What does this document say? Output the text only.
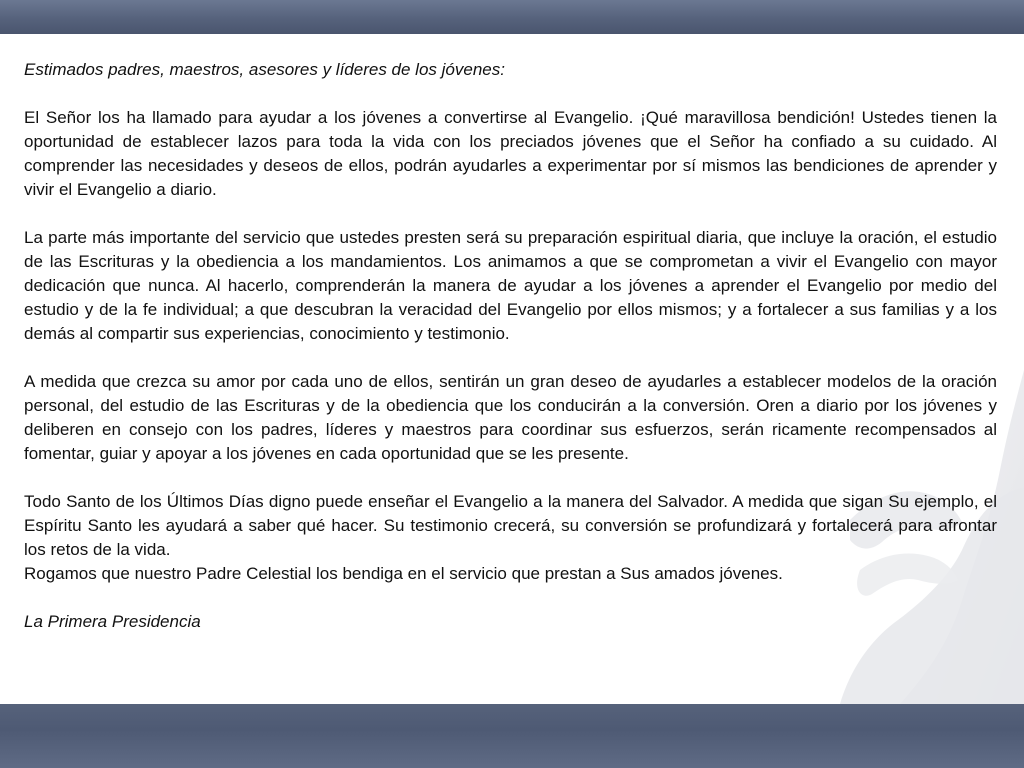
Estimados padres, maestros, asesores y líderes de los jóvenes:

El Señor los ha llamado para ayudar a los jóvenes a convertirse al Evangelio. ¡Qué maravillosa bendición! Ustedes tienen la oportunidad de establecer lazos para toda la vida con los preciados jóvenes que el Señor ha confiado a su cuidado. Al comprender las necesidades y deseos de ellos, podrán ayudarles a experimentar por sí mismos las bendiciones de aprender y vivir el Evangelio a diario.

La parte más importante del servicio que ustedes presten será su preparación espiritual diaria, que incluye la oración, el estudio de las Escrituras y la obediencia a los mandamientos. Los animamos a que se comprometan a vivir el Evangelio con mayor dedicación que nunca. Al hacerlo, comprenderán la manera de ayudar a los jóvenes a aprender el Evangelio por medio del estudio y de la fe individual; a que descubran la veracidad del Evangelio por ellos mismos; y a fortalecer a sus familias y a los demás al compartir sus experiencias, conocimiento y testimonio.

A medida que crezca su amor por cada uno de ellos, sentirán un gran deseo de ayudarles a establecer modelos de la oración personal, del estudio de las Escrituras y de la obediencia que los conducirán a la conversión. Oren a diario por los jóvenes y deliberen en consejo con los padres, líderes y maestros para coordinar sus esfuerzos, serán ricamente recompensados al fomentar, guiar y apoyar a los jóvenes en cada oportunidad que se les presente.

Todo Santo de los Últimos Días digno puede enseñar el Evangelio a la manera del Salvador. A medida que sigan Su ejemplo, el Espíritu Santo les ayudará a saber qué hacer. Su testimonio crecerá, su conversión se profundizará y fortalecerá para afrontar los retos de la vida.

Rogamos que nuestro Padre Celestial los bendiga en el servicio que prestan a Sus amados jóvenes.

La Primera Presidencia
